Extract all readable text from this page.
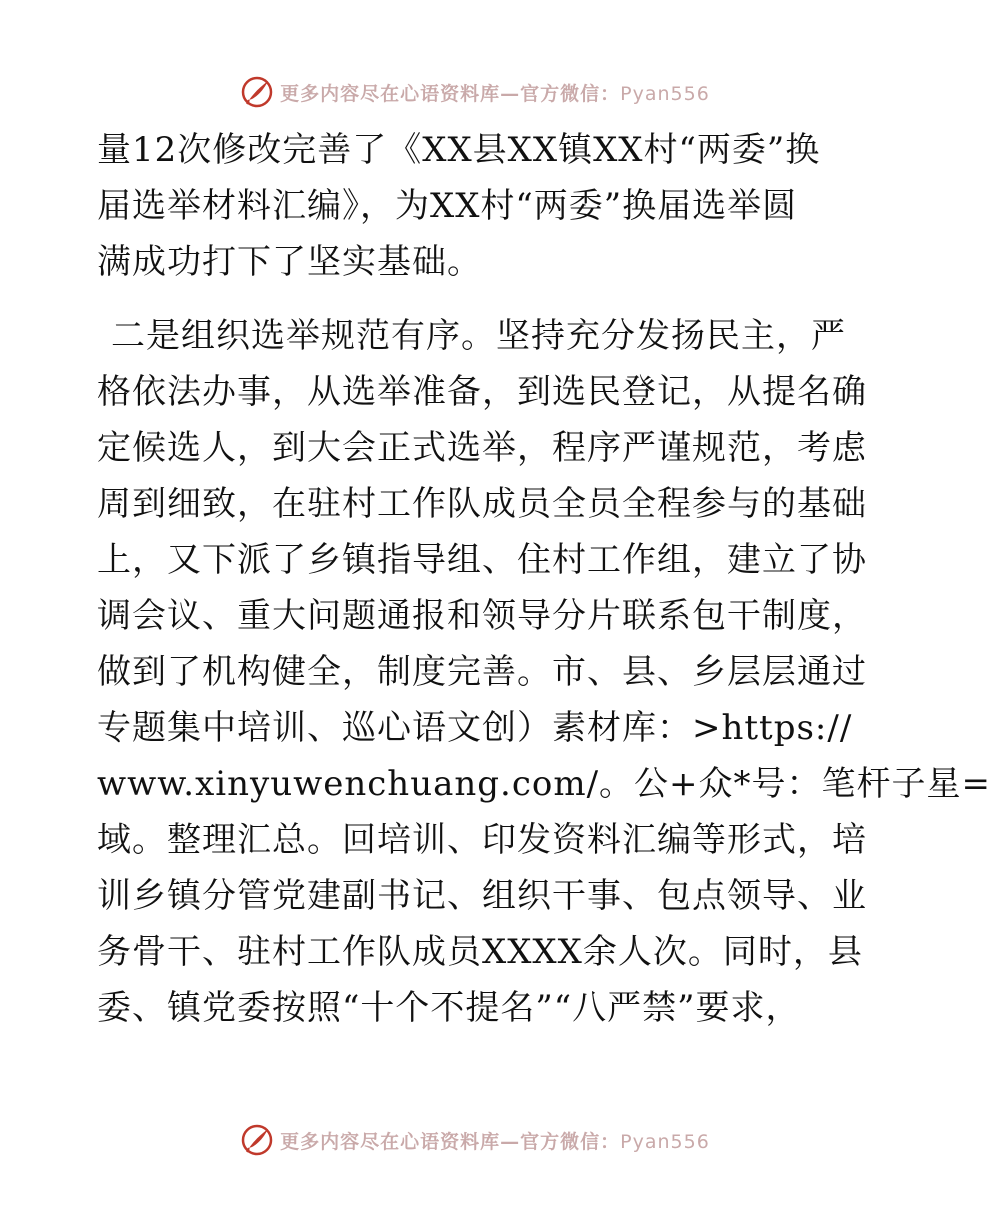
更多内容尽在心语资料库—官方微信：Pyan556
量12次修改完善了《XX县XX镇XX村“两委”换
届选举材料汇编》，为XX村“两委”换届选举圆
满成功打下了坚实基础。
二是组织选举规范有序。坚持充分发扬民主，严
格依法办事，从选举准备，到选民登记，从提名确
定候选人，到大会正式选举，程序严谨规范，考虑
周到细致，在驻村工作队成员全员全程参与的基础
上，又下派了乡镇指导组、住村工作组，建立了协
调会议、重大问题通报和领导分片联系包干制度，
做到了机构健全，制度完善。市、县、乡层层通过
专题集中培训、巡心语文创）素材库：>https://
www.xinyuwenchuang.com/。公+众*号：笔杆子星=
域。整理汇总。回培训、印发资料汇编等形式，培
训乡镇分管党建副书记、组织干事、包点领导、业
务骨干、驻村工作队成员XXXX余人次。同时，县
委、镇党委按照“十个不提名”“八严禁”要求，
更多内容尽在心语资料库—官方微信：Pyan556
